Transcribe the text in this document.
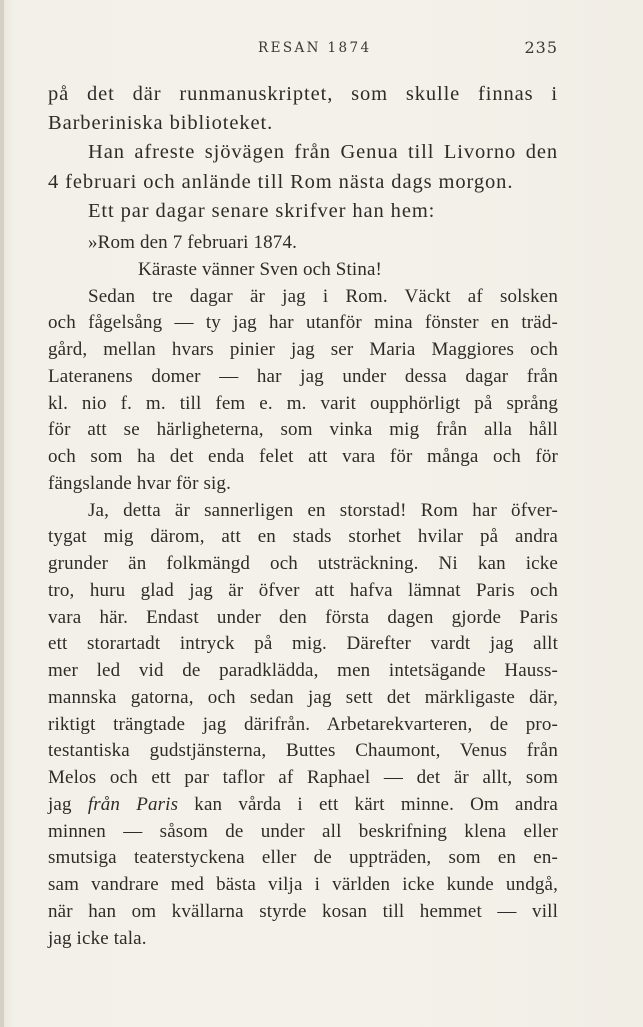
RESAN 1874	235

på det där runmanuskriptet, som skulle finnas i

Barberiniska biblioteket.

Han afreste sjövägen från Genua till Livorno den

4 februari och anlände till Rom nästa dags morgon.

Ett par dagar senare skrifver han hem:

»Rom den 7 februari 1874.

Käraste vänner Sven och Stina!

Sedan tre dagar är jag i Rom. Väckt af solsken

och fågelsång — ty jag har utanför mina fönster en träd-

gård, mellan hvars pinier jag ser Maria Maggiores och

Lateranens domer — har jag under dessa dagar från

kl. nio f. m. till fem e. m. varit oupphörligt på språng

för att se härligheterna, som vinka mig från alla håll

och som ha det enda felet att vara för många och för

fängslande hvar för sig.

Ja, detta är sannerligen en storstad! Rom har öfver-

tygat mig därom, att en stads storhet hvilar på andra

grunder än folkmängd och utsträckning. Ni kan icke

tro, huru glad jag är öfver att hafva lämnat Paris och

vara här. Endast under den första dagen gjorde Paris

ett storartadt intryck på mig. Därefter vardt jag allt

mer led vid de paradklädda, men intetsägande Hauss-

mannska gatorna, och sedan jag sett det märkligaste där,

riktigt trängtade jag därifrån. Arbetarekvarteren, de pro-

testantiska gudstjänsterna, Buttes Chaumont, Venus från

Melos och ett par taflor af Raphael — det är allt, som

jag från Paris kan vårda i ett kärt minne. Om andra

minnen — såsom de under all beskrifning klena eller

smutsiga teaterstyckena eller de uppträden, som en en-

sam vandrare med bästa vilja i världen icke kunde undgå,

när han om kvällarna styrde kosan till hemmet — vill

jag icke tala.
